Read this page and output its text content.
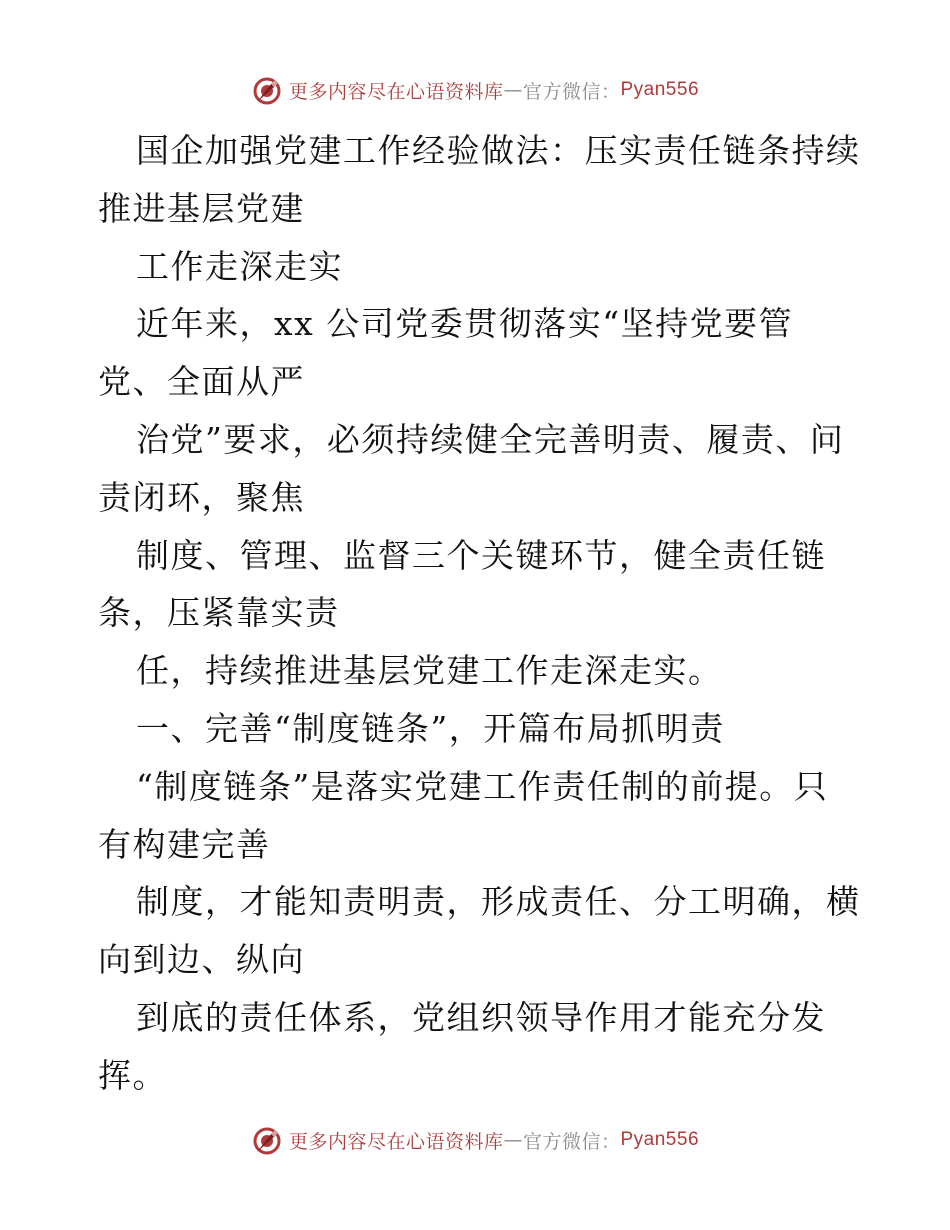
更多内容尽在心语资料库 — 官方微信： Pyan556
国企加强党建工作经验做法：压实责任链条持续
推进基层党建
工作走深走实
近年来，xx 公司党委贯彻落实“坚持党要管
党、全面从严
治党”要求，必须持续健全完善明责、履责、问
责闭环，聚焦
制度、管理、监督三个关键环节，健全责任链
条，压紧靠实责
任，持续推进基层党建工作走深走实。
一、完善“制度链条”，开篇布局抓明责
“制度链条”是落实党建工作责任制的前提。只
有构建完善
制度，才能知责明责，形成责任、分工明确，横
向到边、纵向
到底的责任体系，党组织领导作用才能充分发
挥。
更多内容尽在心语资料库 — 官方微信： Pyan556
